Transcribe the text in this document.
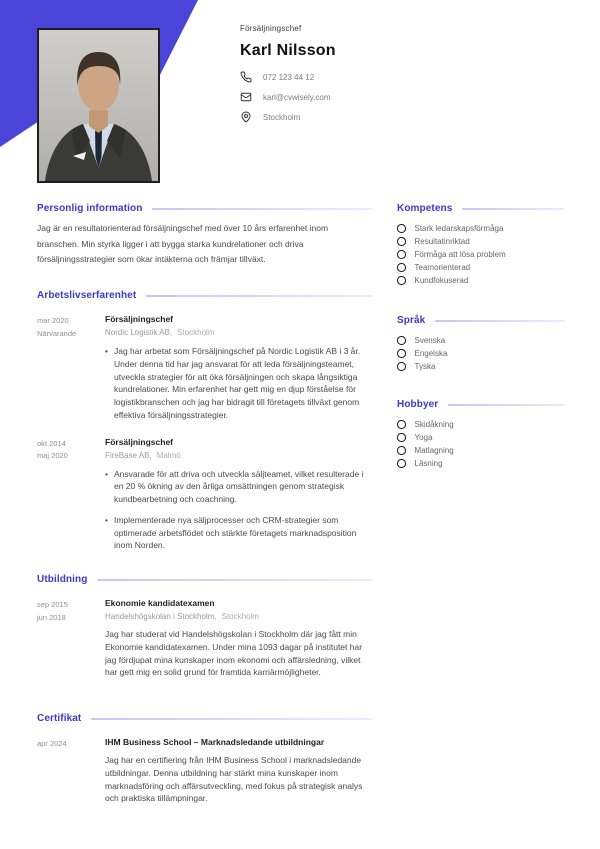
Försäljningschef
Karl Nilsson
072 123 44 12
karl@cvwisely.com
Stockholm
Personlig information

Jag är en resultatorienterad försäljningschef med över 10 års erfarenhet inom branschen. Min styrka ligger i att bygga starka kundrelationer och driva försäljningsstrategier som ökar intäkterna och främjar tillväxt.

Arbetslivserfarenhet
mar 2020
Närvarande
Försäljningschef
Nordic Logistik AB, Stockholm
• Jag har arbetat som Försäljningschef på Nordic Logistik AB i 3 år. Under denna tid har jag ansvarat för att leda försäljningsteamet, utveckla strategier för att öka försäljningen och skapa långsiktiga kundrelationer. Min erfarenhet har gett mig en djup förståelse för logistikbranschen och jag har bidragit till företagets tillväxt genom effektiva försäljningsstrategier.

okt 2014
maj 2020
Försäljningschef
FireBase AB, Malmö
• Ansvarade för att driva och utveckla säljteamet, vilket resulterade i en 20 % ökning av den årliga omsättningen genom strategisk kundbearbetning och coachning.

• Implementerade nya säljprocesser och CRM-strategier som optimerade arbetsflödet och stärkte företagets marknadsposition inom Norden.

Utbildning
sep 2015
jun 2018
Ekonomie kandidatexamen
Handelshögskolan i Stockholm, Stockholm

Jag har studerat vid Handelshögskolan i Stockholm där jag fått min Ekonomie kandidatexamen. Under mina 1093 dagar på institutet har jag fördjupat mina kunskaper inom ekonomi och affärsledning, vilket har gett mig en solid grund för framtida karriärmöjligheter.

Certifikat
apr 2024	IHM Business School – Marknadsledande utbildningar

Jag har en certifiering från IHM Business School i marknadsledande utbildningar. Denna utbildning har stärkt mina kunskaper inom marknadsföring och affärsutveckling, med fokus på strategisk analys och praktiska tillämpningar.

Kompetens
Stark ledarskapsförmåga
Resultatinriktad
Förmåga att lösa problem
Teamorienterad
Kundfokuserad
Språk
Svenska
Engelska
Tyska
Hobbyer
Skidåkning
Yoga
Matlagning
Läsning
